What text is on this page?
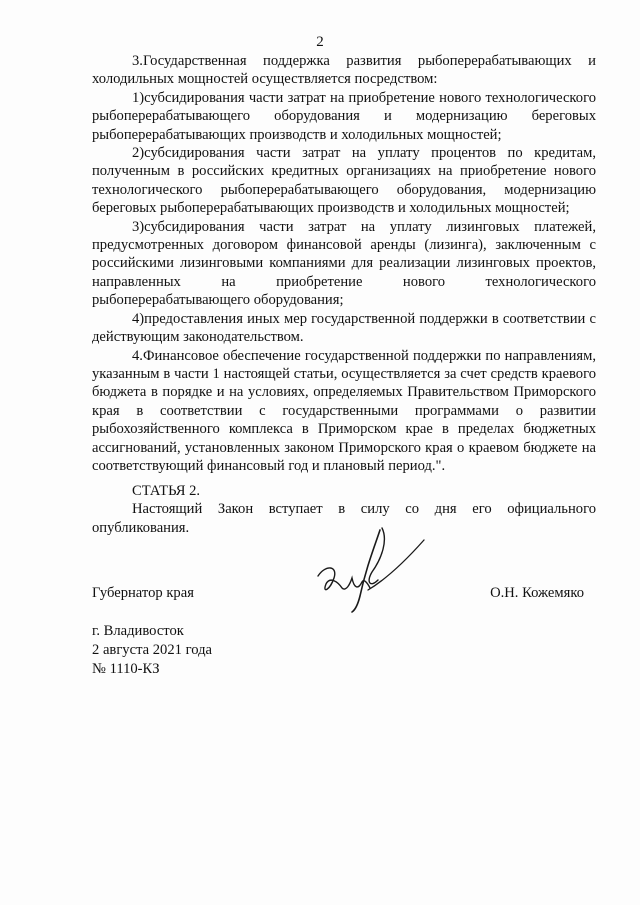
2

3.Государственная поддержка развития рыбоперерабатывающих и холодильных мощностей осуществляется посредством:

1)субсидирования части затрат на приобретение нового технологического рыбоперерабатывающего оборудования и модернизацию береговых рыбоперерабатывающих производств и холодильных мощностей;

2)субсидирования части затрат на уплату процентов по кредитам, полученным в российских кредитных организациях на приобретение нового технологического рыбоперерабатывающего оборудования, модернизацию береговых рыбоперерабатывающих производств и холодильных мощностей;

3)субсидирования части затрат на уплату лизинговых платежей, предусмотренных договором финансовой аренды (лизинга), заключенным с российскими лизинговыми компаниями для реализации лизинговых проектов, направленных на приобретение нового технологического рыбоперерабатывающего оборудования;

4)предоставления иных мер государственной поддержки в соответствии с действующим законодательством.

4.Финансовое обеспечение государственной поддержки по направлениям, указанным в части 1 настоящей статьи, осуществляется за счет средств краевого бюджета в порядке и на условиях, определяемых Правительством Приморского края в соответствии с государственными программами о развитии рыбохозяйственного комплекса в Приморском крае в пределах бюджетных ассигнований, установленных законом Приморского края о краевом бюджете на соответствующий финансовый год и плановый период.".

СТАТЬЯ 2.

Настоящий Закон вступает в силу со дня его официального опубликования.

Губернатор края	О.Н. Кожемяко
г. Владивосток
2 августа 2021 года
№ 1110-КЗ
